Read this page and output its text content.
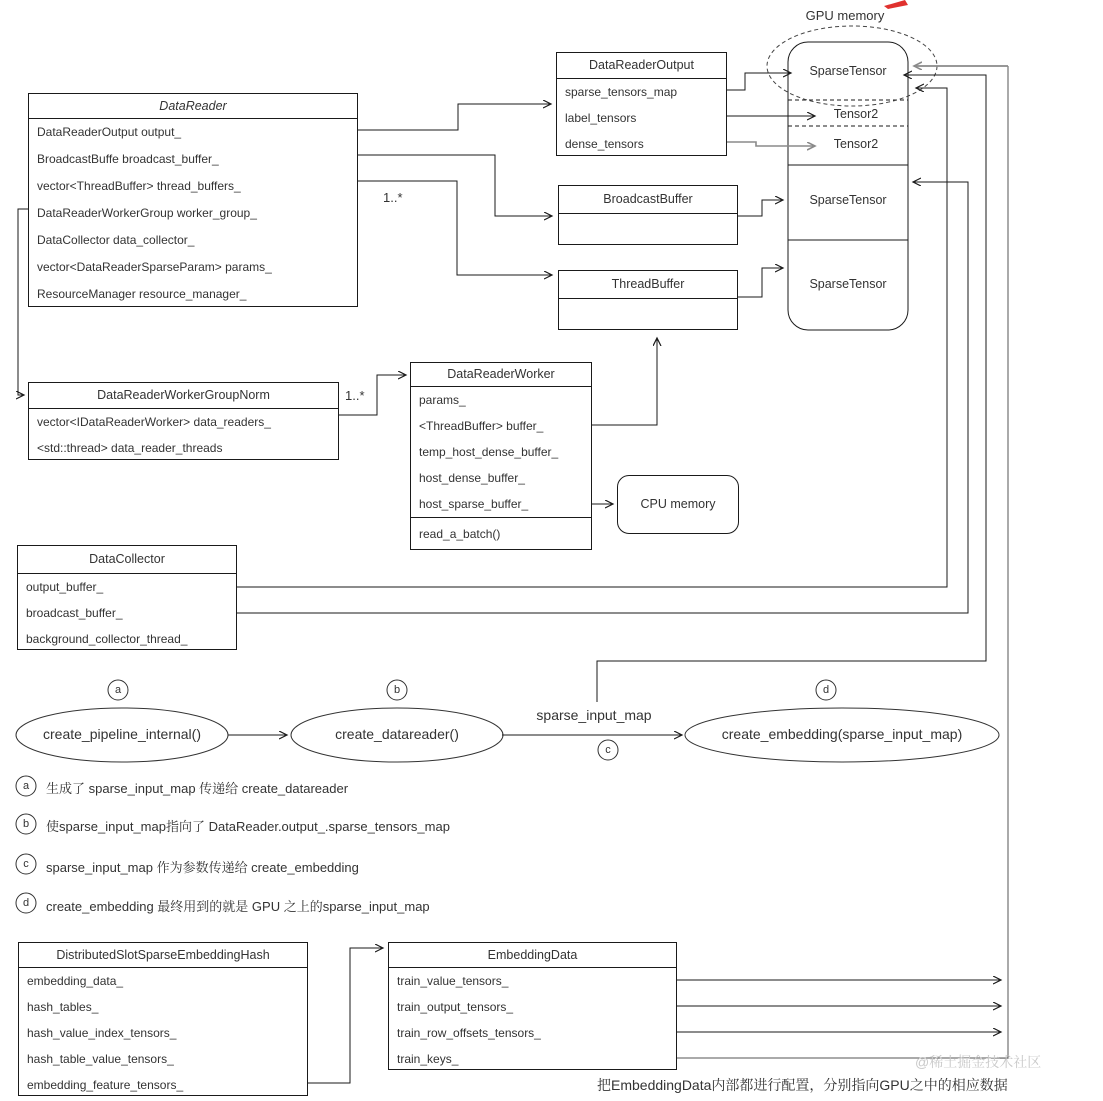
GPU memory
SparseTensor
Tensor2
Tensor2
SparseTensor
SparseTensor
DataReader
DataReaderOutput output_
BroadcastBuffe broadcast_buffer_
vector<ThreadBuffer> thread_buffers_
DataReaderWorkerGroup worker_group_
DataCollector data_collector_
vector<DataReaderSparseParam> params_
ResourceManager resource_manager_
DataReaderOutput
sparse_tensors_map
label_tensors
dense_tensors
BroadcastBuffer
ThreadBuffer
DataReaderWorkerGroupNorm
vector<IDataReaderWorker> data_readers_
<std::thread> data_reader_threads
DataReaderWorker
params_
<ThreadBuffer> buffer_
temp_host_dense_buffer_
host_dense_buffer_
host_sparse_buffer_
read_a_batch()
CPU memory
DataCollector
output_buffer_
broadcast_buffer_
background_collector_thread_
DistributedSlotSparseEmbeddingHash
embedding_data_
hash_tables_
hash_value_index_tensors_
hash_table_value_tensors_
embedding_feature_tensors_
EmbeddingData
train_value_tensors_
train_output_tensors_
train_row_offsets_tensors_
train_keys_
1..*
1..*
create_pipeline_internal()	create_datareader()	create_embedding(sparse_input_map)
sparse_input_map
a	b
c
d
a	生成了 sparse_input_map 传递给 create_datareader
b	使sparse_input_map指向了 DataReader.output_.sparse_tensors_map
c	sparse_input_map 作为参数传递给 create_embedding
d	create_embedding 最终用到的就是 GPU 之上的sparse_input_map
把EmbeddingData内部都进行配置，分别指向GPU之中的相应数据
@稀土掘金技术社区
